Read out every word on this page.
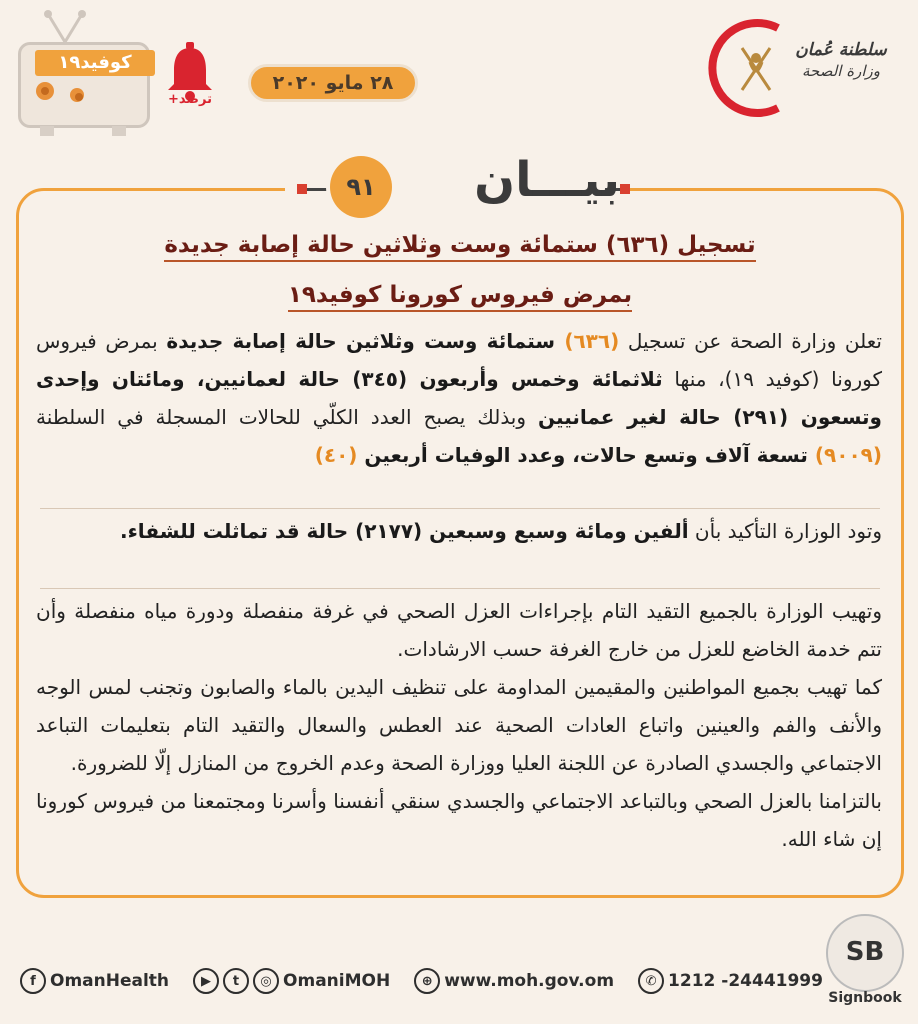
كوفيد١٩
ترصّد+
٢٨ مايو ٢٠٢٠
سلطنة عُمان
وزارة الصحة
بيـــان
٩١
تسجيل (٦٣٦) ستمائة وست وثلاثين حالة إصابة جديدة
بمرض فيروس كورونا كوفيد١٩
تعلن وزارة الصحة عن تسجيل (٦٣٦) ستمائة وست وثلاثين حالة إصابة جديدة بمرض فيروس كورونا (كوفيد ١٩)، منها ثلاثمائة وخمس وأربعون (٣٤٥) حالة لعمانيين، ومائتان وإحدى وتسعون (٢٩١) حالة لغير عمانيين وبذلك يصبح العدد الكلّي للحالات المسجلة في السلطنة (٩٠٠٩) تسعة آلاف وتسع حالات، وعدد الوفيات أربعين (٤٠)
وتود الوزارة التأكيد بأن ألفين ومائة وسبع وسبعين (٢١٧٧) حالة قد تماثلت للشفاء.
وتهيب الوزارة بالجميع التقيد التام بإجراءات العزل الصحي في غرفة منفصلة ودورة مياه منفصلة وأن تتم خدمة الخاضع للعزل من خارج الغرفة حسب الارشادات.
كما تهيب بجميع المواطنين والمقيمين المداومة على تنظيف اليدين بالماء والصابون وتجنب لمس الوجه والأنف والفم والعينين واتباع العادات الصحية عند العطس والسعال والتقيد التام بتعليمات التباعد الاجتماعي والجسدي الصادرة عن اللجنة العليا ووزارة الصحة وعدم الخروج من المنازل إلّا للضرورة.
بالتزامنا بالعزل الصحي وبالتباعد الاجتماعي والجسدي سنقي أنفسنا وأسرنا ومجتمعنا من فيروس كورونا إن شاء الله.
f OmanHealth	▶	t	◎ OmaniMOH	⊕ www.moh.gov.om	✆ 1212 -24441999
SB
Signbook
